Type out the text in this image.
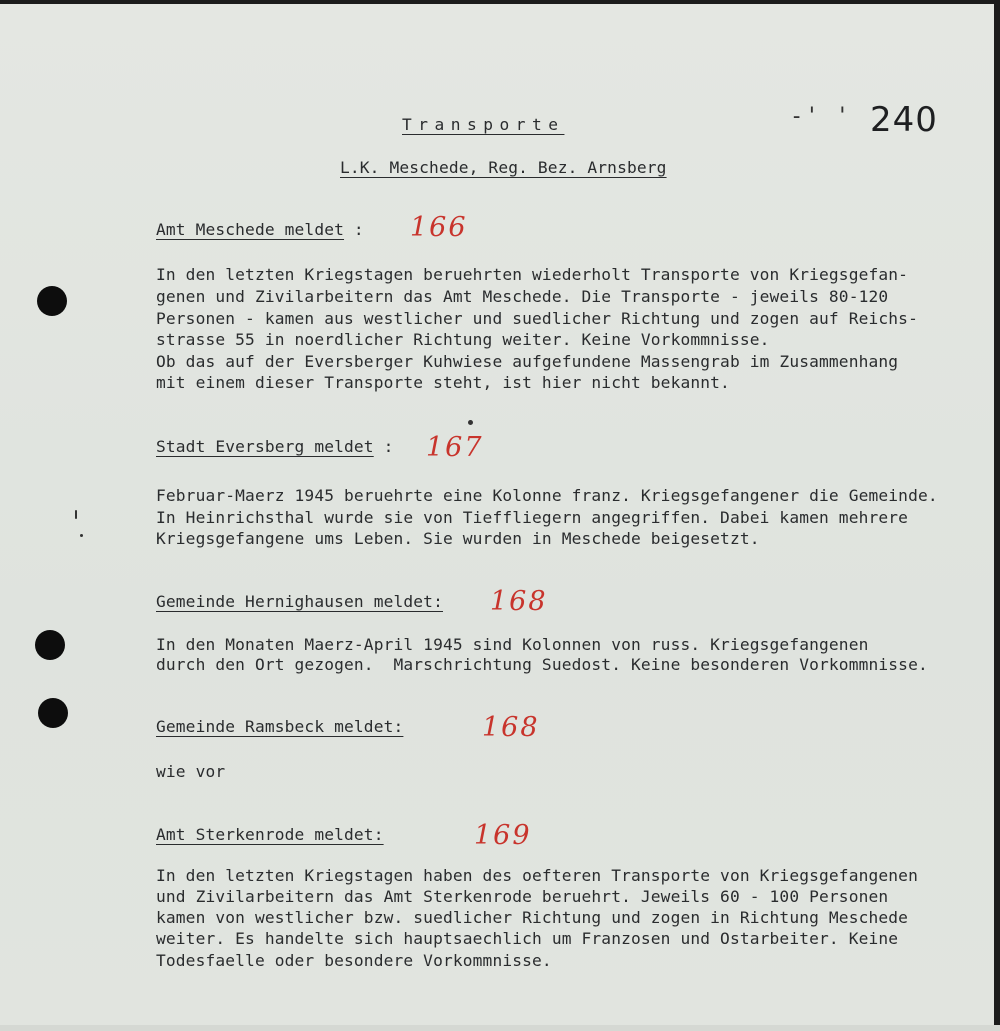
Transporte	-' ' 240
L.K. Meschede, Reg. Bez. Arnsberg
Amt Meschede meldet : 166
In den letzten Kriegstagen beruehrten wiederholt Transporte von Kriegsgefan-
genen und Zivilarbeitern das Amt Meschede. Die Transporte - jeweils 80-120
Personen - kamen aus westlicher und suedlicher Richtung und zogen auf Reichs-
strasse 55 in noerdlicher Richtung weiter. Keine Vorkommnisse.
Ob das auf der Eversberger Kuhwiese aufgefundene Massengrab im Zusammenhang
mit einem dieser Transporte steht, ist hier nicht bekannt.
Stadt Eversberg meldet : 167
Februar-Maerz 1945 beruehrte eine Kolonne franz. Kriegsgefangener die Gemeinde.
In Heinrichsthal wurde sie von Tieffliegern angegriffen. Dabei kamen mehrere
Kriegsgefangene ums Leben. Sie wurden in Meschede beigesetzt.
Gemeinde Hernighausen meldet: 168
In den Monaten Maerz-April 1945 sind Kolonnen von russ. Kriegsgefangenen
durch den Ort gezogen.  Marschrichtung Suedost. Keine besonderen Vorkommnisse.
Gemeinde Ramsbeck meldet:	168
wie vor
Amt Sterkenrode meldet:	169
In den letzten Kriegstagen haben des oefteren Transporte von Kriegsgefangenen
und Zivilarbeitern das Amt Sterkenrode beruehrt. Jeweils 60 - 100 Personen
kamen von westlicher bzw. suedlicher Richtung und zogen in Richtung Meschede
weiter. Es handelte sich hauptsaechlich um Franzosen und Ostarbeiter. Keine
Todesfaelle oder besondere Vorkommnisse.
